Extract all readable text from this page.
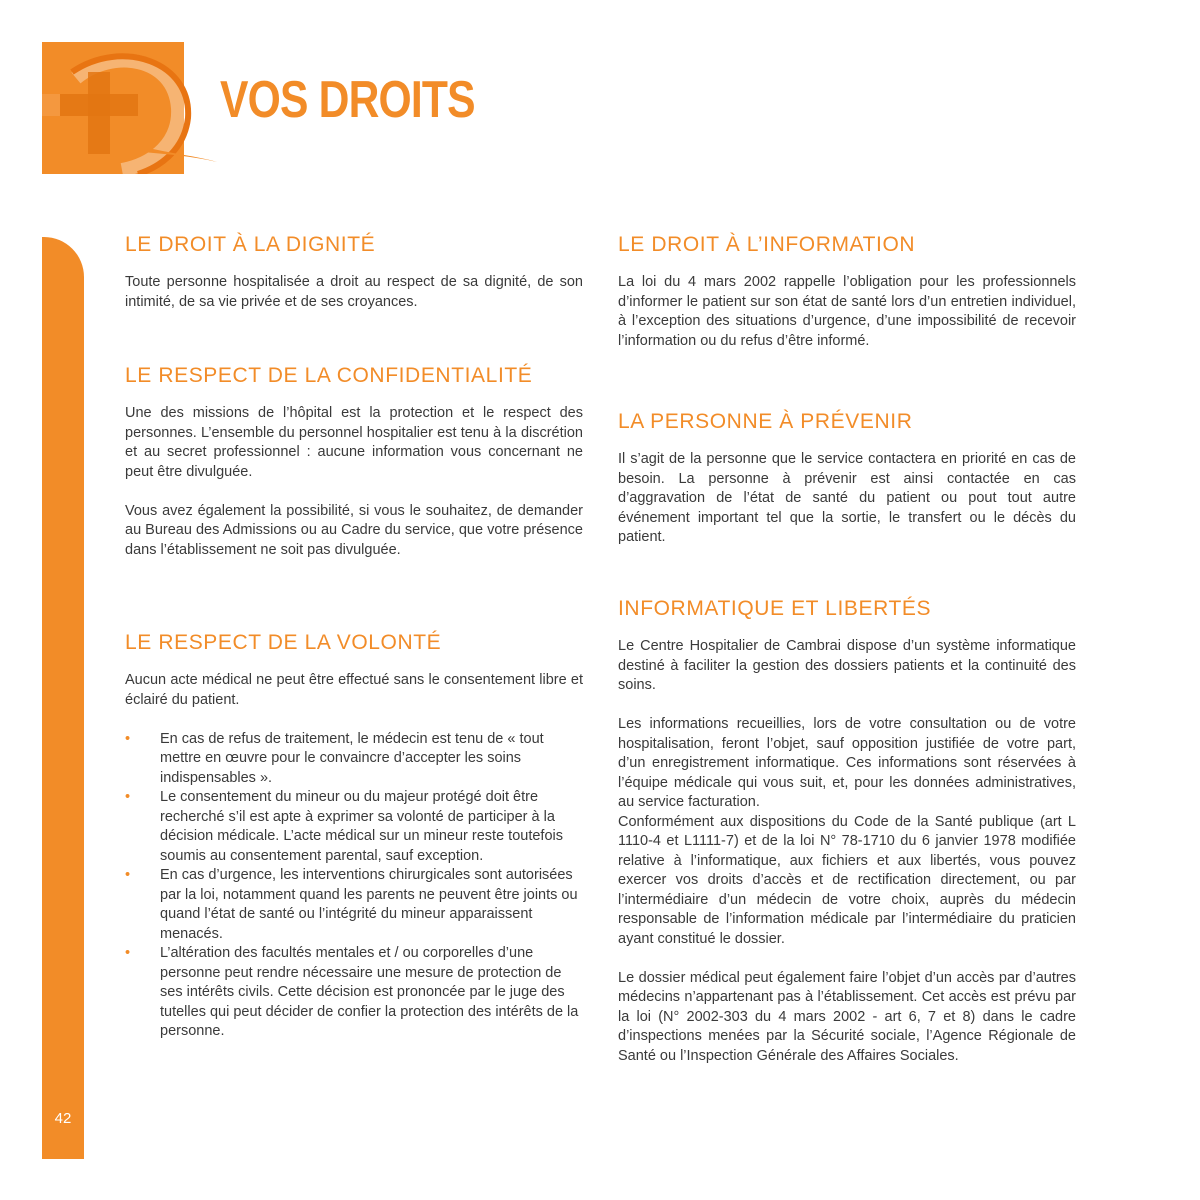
VOS DROITS
42
LE DROIT À LA DIGNITÉ

Toute personne hospitalisée a droit au respect de sa dignité, de son intimité, de sa vie privée et de ses croyances.

LE RESPECT DE LA CONFIDENTIALITÉ

Une des missions de l’hôpital est la protection et le respect des personnes. L’ensemble du personnel hospitalier est tenu à la discrétion et au secret professionnel : aucune information vous concernant ne peut être divulguée.

Vous avez également la possibilité, si vous le souhaitez, de demander au Bureau des Admissions ou au Cadre du service, que votre présence dans l’établissement ne soit pas divulguée.

LE RESPECT DE LA VOLONTÉ

Aucun acte médical ne peut être effectué sans le consentement libre et éclairé du patient.

• En cas de refus de traitement, le médecin est tenu de « tout mettre en œuvre pour le convaincre d’accepter les soins indispensables ».
• Le consentement du mineur ou du majeur protégé doit être recherché s’il est apte à exprimer sa volonté de participer à la décision médicale. L’acte médical sur un mineur reste toutefois soumis au consentement parental, sauf exception.
• En cas d’urgence, les interventions chirurgicales sont autorisées par la loi, notamment quand les parents ne peuvent être joints ou quand l’état de santé ou l’intégrité du mineur apparaissent menacés.
• L’altération des facultés mentales et / ou corporelles d’une personne peut rendre nécessaire une mesure de protection de ses intérêts civils. Cette décision est prononcée par le juge des tutelles qui peut décider de confier la protection des intérêts de la personne.
LE DROIT À L’INFORMATION

La loi du 4 mars 2002 rappelle l’obligation pour les professionnels d’informer le patient sur son état de santé lors d’un entretien individuel, à l’exception des situations d’urgence, d’une impossibilité de recevoir l’information ou du refus d’être informé.

LA PERSONNE À PRÉVENIR

Il s’agit de la personne que le service contactera en priorité en cas de besoin. La personne à prévenir est ainsi contactée en cas d’aggravation de l’état de santé du patient ou pout tout autre événement important tel que la sortie, le transfert ou le décès du patient.

INFORMATIQUE ET LIBERTÉS

Le Centre Hospitalier de Cambrai dispose d’un système informatique destiné à faciliter la gestion des dossiers patients et la continuité des soins.

Les informations recueillies, lors de votre consultation ou de votre hospitalisation, feront l’objet, sauf opposition justifiée de votre part, d’un enregistrement informatique. Ces informations sont réservées à l’équipe médicale qui vous suit, et, pour les données administratives, au service facturation.

Conformément aux dispositions du Code de la Santé publique (art L 1110-4 et L1111-7) et de la loi N° 78-1710 du 6 janvier 1978 modifiée relative à l’informatique, aux fichiers et aux libertés, vous pouvez exercer vos droits d’accès et de rectification directement, ou par l’intermédiaire d’un médecin de votre choix, auprès du médecin responsable de l’information médicale par l’intermédiaire du praticien ayant constitué le dossier.

Le dossier médical peut également faire l’objet d’un accès par d’autres médecins n’appartenant pas à l’établissement. Cet accès est prévu par la loi (N° 2002-303 du 4 mars 2002 - art 6, 7 et 8) dans le cadre d’inspections menées par la Sécurité sociale, l’Agence Régionale de Santé ou l’Inspection Générale des Affaires Sociales.
